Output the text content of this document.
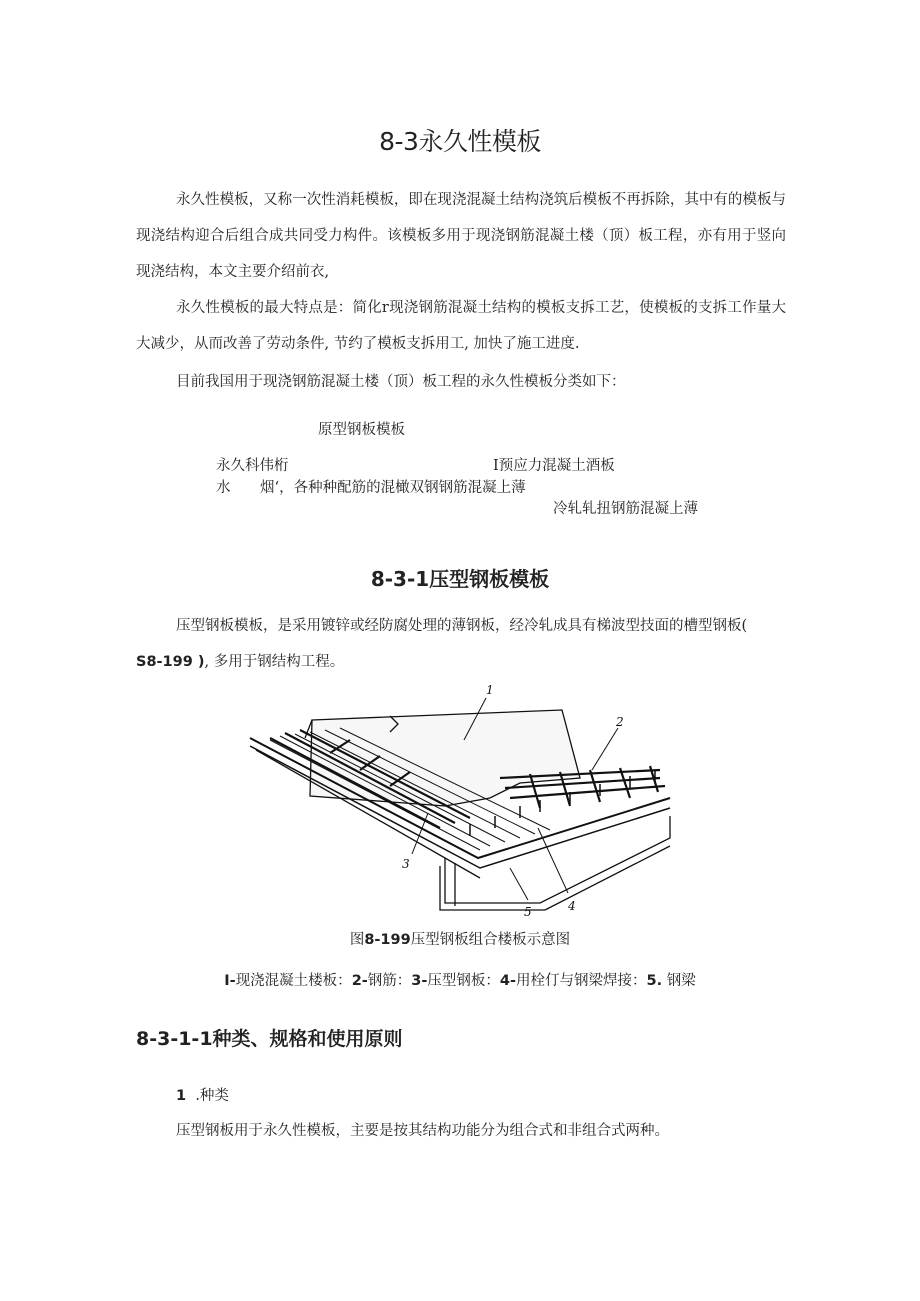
8-3永久性模板

永久性模板，又称一次性消耗模板，即在现浇混凝土结构浇筑后模板不再拆除，其中有的模板与现浇结构迎合后组合成共同受力构件。该模板多用于现浇钢筋混凝土楼（顶）板工程，亦有用于竖向现浇结构，本文主要介绍前衣,

永久性模板的最大特点是：简化r现浇钢筋混凝土结构的模板支拆工艺，使模板的支拆工作量大大减少，从而改善了劳动条件, 节约了模板支拆用工, 加快了施工进度.

目前我国用于现浇钢筋混凝土楼（顶）板工程的永久性模板分类如下：

原型钢板模板
永久科伟桁	I预应力混凝土酒板
水 烟‘，各种种配筋的混橄双钢钢筋混凝上薄
冷轧轧扭钢筋混凝上薄
8-3-1压型钢板模板
压型钢板模板，是采用镀锌或经防腐处理的薄钢板，经冷轧成具有梯波型技面的槽型钢板(
S8-199 ), 多用于钢结构工程。
1
2
3
4
5
图8-199压型钢板组合楼板示意图
I-现浇混凝土楼板：2-钢筋：3-压型钢板：4-用栓仃与钢梁焊接：5. 钢梁
8-3-1-1种类、规格和使用原则
1 .种类
压型钢板用于永久性模板，主要是按其结构功能分为组合式和非组合式两种。
